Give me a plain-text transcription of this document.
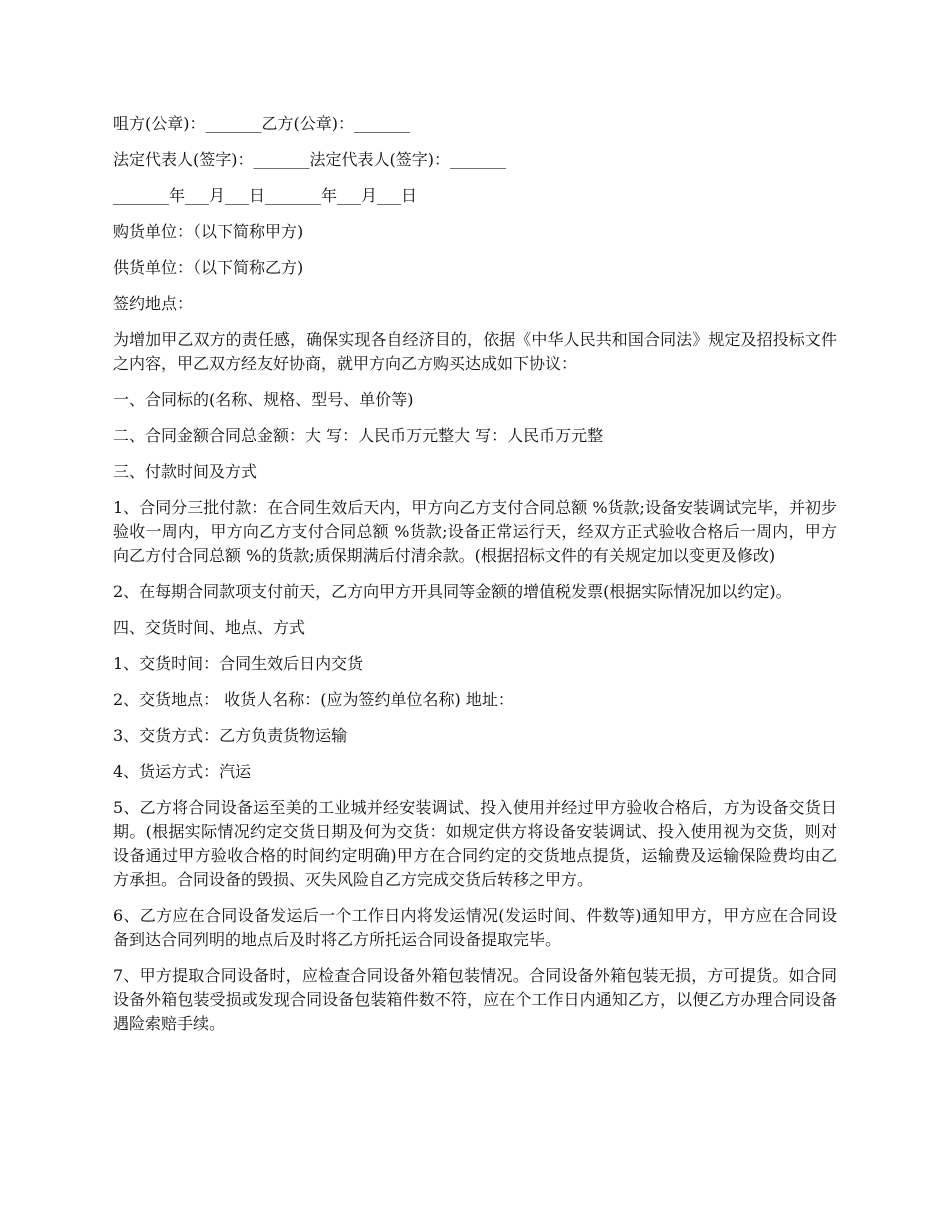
咀方(公章)：_______乙方(公章)：_______

法定代表人(签字)：_______法定代表人(签字)：_______

_______年___月___日_______年___月___日

购货单位：（以下简称甲方)

供货单位：（以下简称乙方)

签约地点：

为增加甲乙双方的责任感，确保实现各自经济目的，依据《中华人民共和国合同法》规定及招投标文件之内容，甲乙双方经友好协商，就甲方向乙方购买达成如下协议：

一、合同标的(名称、规格、型号、单价等)

二、合同金额合同总金额：大 写：人民币万元整大 写：人民币万元整

三、付款时间及方式

1、合同分三批付款：在合同生效后天内，甲方向乙方支付合同总额 %货款;设备安装调试完毕，并初步验收一周内，甲方向乙方支付合同总额 %货款;设备正常运行天，经双方正式验收合格后一周内，甲方向乙方付合同总额 %的货款;质保期满后付清余款。(根据招标文件的有关规定加以变更及修改)

2、在每期合同款项支付前天，乙方向甲方开具同等金额的增值税发票(根据实际情况加以约定)。

四、交货时间、地点、方式

1、交货时间：合同生效后日内交货

2、交货地点： 收货人名称：(应为签约单位名称) 地址：

3、交货方式：乙方负责货物运输

4、货运方式：汽运

5、乙方将合同设备运至美的工业城并经安装调试、投入使用并经过甲方验收合格后，方为设备交货日期。(根据实际情况约定交货日期及何为交货：如规定供方将设备安装调试、投入使用视为交货，则对设备通过甲方验收合格的时间约定明确)甲方在合同约定的交货地点提货，运输费及运输保险费均由乙方承担。合同设备的毁损、灭失风险自乙方完成交货后转移之甲方。

6、乙方应在合同设备发运后一个工作日内将发运情况(发运时间、件数等)通知甲方，甲方应在合同设备到达合同列明的地点后及时将乙方所托运合同设备提取完毕。

7、甲方提取合同设备时，应检查合同设备外箱包装情况。合同设备外箱包装无损，方可提货。如合同设备外箱包装受损或发现合同设备包装箱件数不符，应在个工作日内通知乙方，以便乙方办理合同设备遇险索赔手续。
